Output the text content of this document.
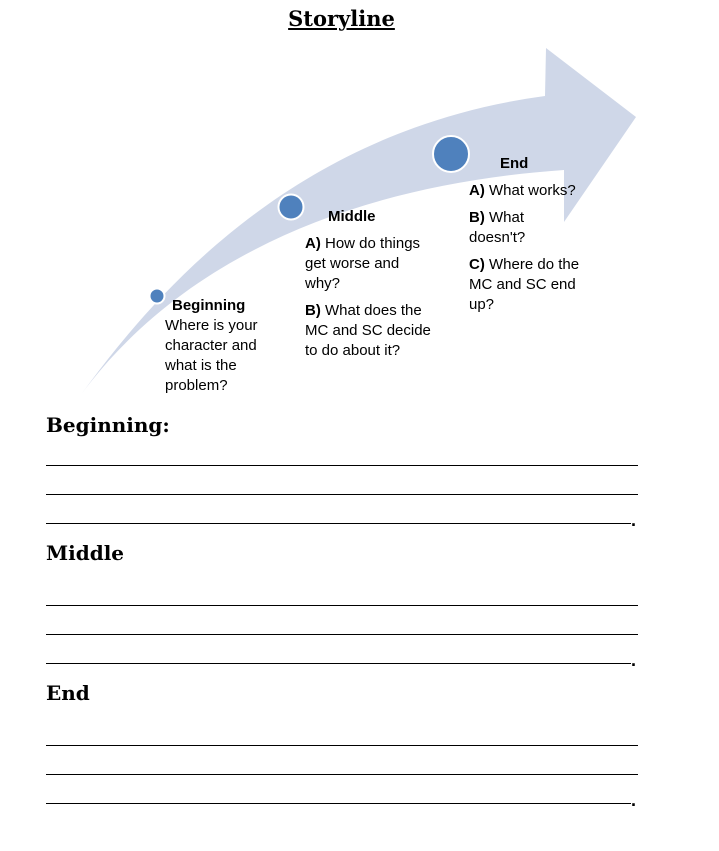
Storyline
Beginning

Where is your character and what is the problem?

Middle

A) How do things get worse and why?

B) What does the MC and SC decide to do about it?

End

A) What works?

B) What doesn't?

C) Where do the MC and SC end up?

Beginning:
.
Middle
.
End
.
